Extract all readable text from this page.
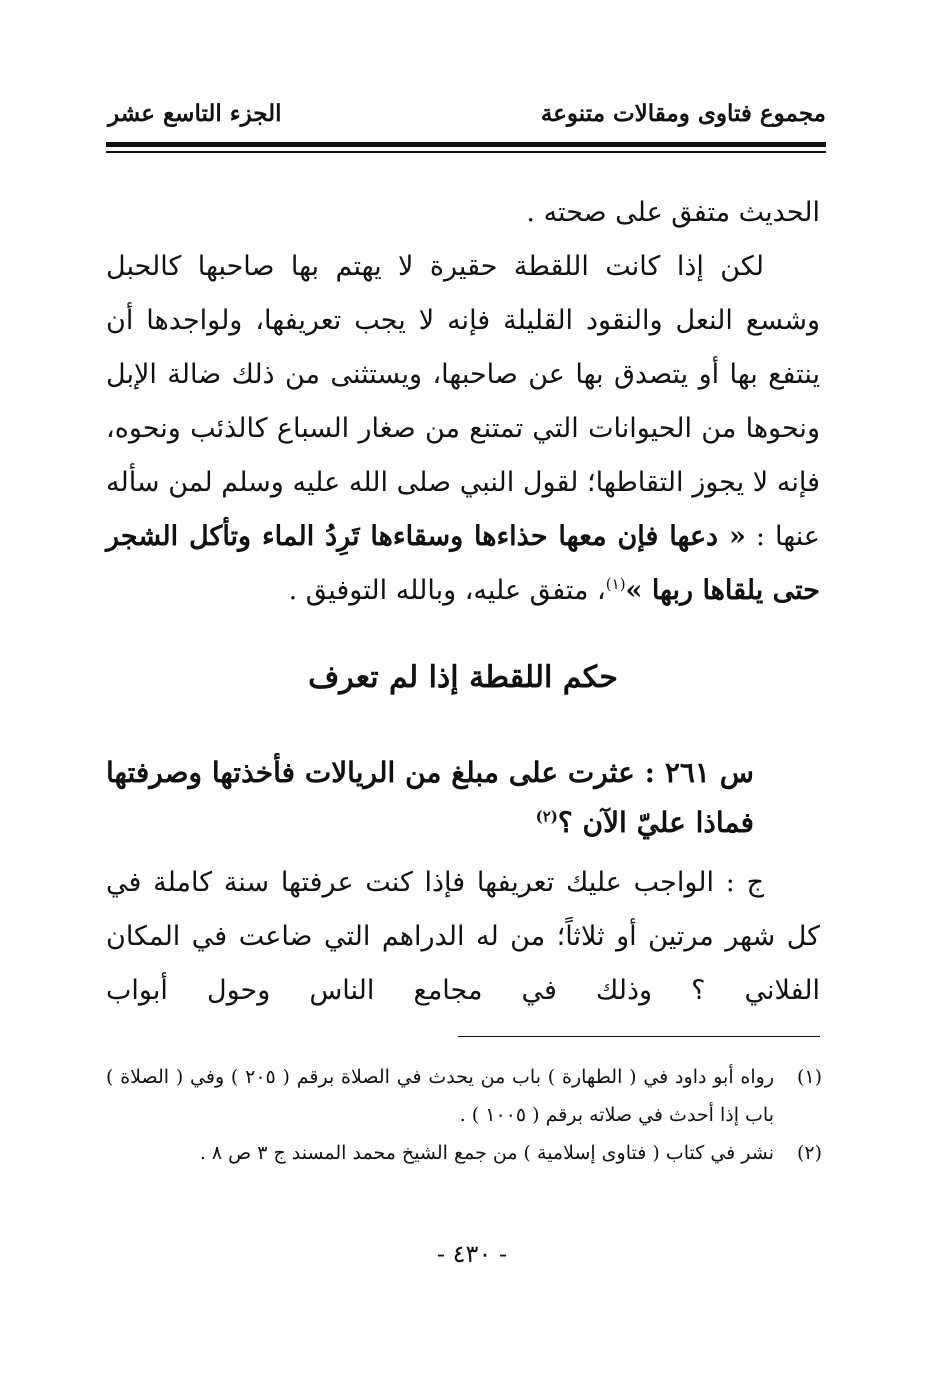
مجموع فتاوى ومقالات متنوعة
الجزء التاسع عشر
الحديث متفق على صحته .
لكن إذا كانت اللقطة حقيرة لا يهتم بها صاحبها كالحبل وشسع النعل والنقود القليلة فإنه لا يجب تعريفها، ولواجدها أن ينتفع بها أو يتصدق بها عن صاحبها، ويستثنى من ذلك ضالة الإبل ونحوها من الحيوانات التي تمتنع من صغار السباع كالذئب ونحوه، فإنه لا يجوز التقاطها؛ لقول النبي صلى الله عليه وسلم لمن سأله عنها : « دعها فإن معها حذاءها وسقاءها تَرِدُ الماء وتأكل الشجر حتى يلقاها ربها »$^{(١)}$، متفق عليه، وبالله التوفيق .
حكم اللقطة إذا لم تعرف
س ٢٦١ : عثرت على مبلغ من الريالات فأخذتها وصرفتها فماذا عليّ الآن ؟$^{(٢)}$
ج : الواجب عليك تعريفها فإذا كنت عرفتها سنة كاملة في كل شهر مرتين أو ثلاثاً؛ من له الدراهم التي ضاعت في المكان الفلاني ؟ وذلك في مجامع الناس وحول أبواب
(١)
رواه أبو داود في ( الطهارة ) باب من يحدث في الصلاة برقم ( ٢٠٥ ) وفي ( الصلاة ) باب إذا أحدث في صلاته برقم ( ١٠٠٥ ) .
(٢)
نشر في كتاب ( فتاوى إسلامية ) من جمع الشيخ محمد المسند ج ٣ ص ٨ .
- ٤٣٠ -
